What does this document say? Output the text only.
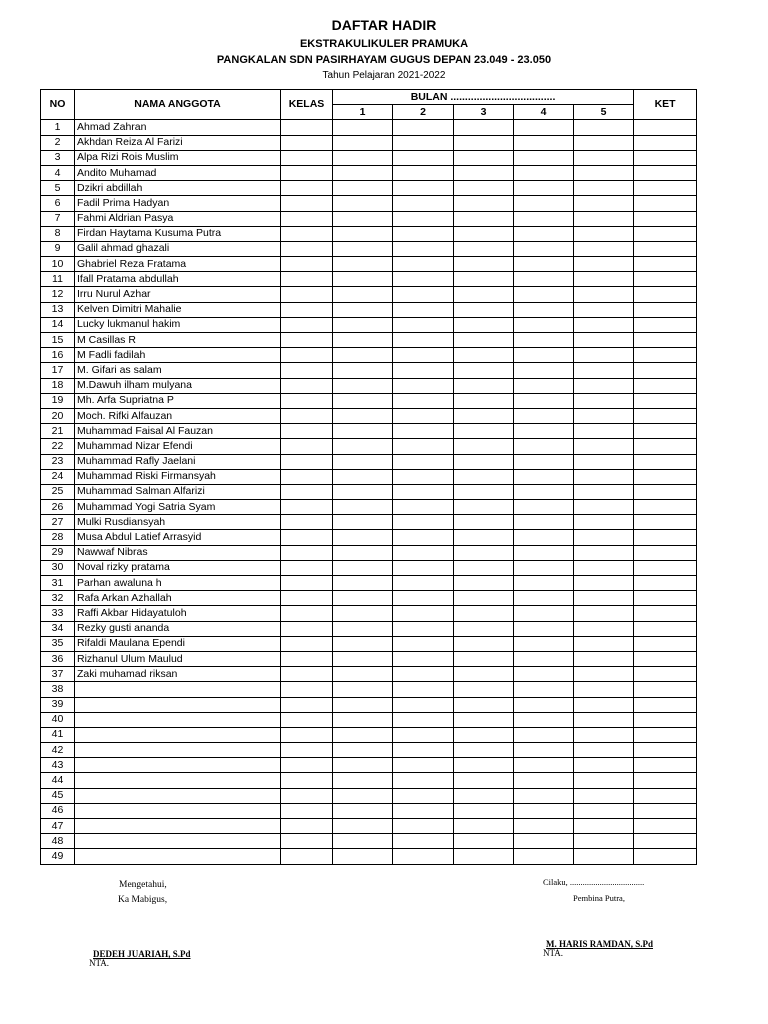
DAFTAR HADIR
EKSTRAKULIKULER PRAMUKA
PANGKALAN SDN PASIRHAYAM GUGUS DEPAN 23.049 - 23.050
Tahun Pelajaran 2021-2022
NO	NAMA ANGGOTA	KELAS	BULAN ....................................					KET
			1	2	3	4	5	
1	Ahmad Zahran							
2	Akhdan Reiza Al Farizi							
3	Alpa Rizi Rois Muslim							
4	Andito Muhamad							
5	Dzikri abdillah							
6	Fadil Prima Hadyan							
7	Fahmi Aldrian Pasya							
8	Firdan Haytama Kusuma Putra							
9	Galil ahmad ghazali							
10	Ghabriel Reza Fratama							
11	Ifall Pratama abdullah							
12	Irru Nurul Azhar							
13	Kelven Dimitri Mahalie							
14	Lucky lukmanul hakim							
15	M Casillas R							
16	M Fadli fadilah							
17	M. Gifari as salam							
18	M.Dawuh ilham mulyana							
19	Mh. Arfa Supriatna P							
20	Moch. Rifki Alfauzan							
21	Muhammad Faisal Al Fauzan							
22	Muhammad Nizar Efendi							
23	Muhammad Rafly Jaelani							
24	Muhammad Riski Firmansyah							
25	Muhammad Salman Alfarizi							
26	Muhammad Yogi Satria Syam							
27	Mulki Rusdiansyah							
28	Musa Abdul Latief Arrasyid							
29	Nawwaf Nibras							
30	Noval rizky pratama							
31	Parhan awaluna h							
32	Rafa Arkan Azhallah							
33	Raffi Akbar Hidayatuloh							
34	Rezky gusti ananda							
35	Rifaldi Maulana Ependi							
36	Rizhanul Ulum Maulud							
37	Zaki muhamad riksan							
38								
39								
40								
41								
42								
43								
44								
45								
46								
47								
48								
49								
Mengetahui,
Ka Mabigus,
Cilaku, ...................................
Pembina Putra,
DEDEH JUARIAH, S.Pd
NTA.
M. HARIS RAMDAN, S.Pd
NTA.
